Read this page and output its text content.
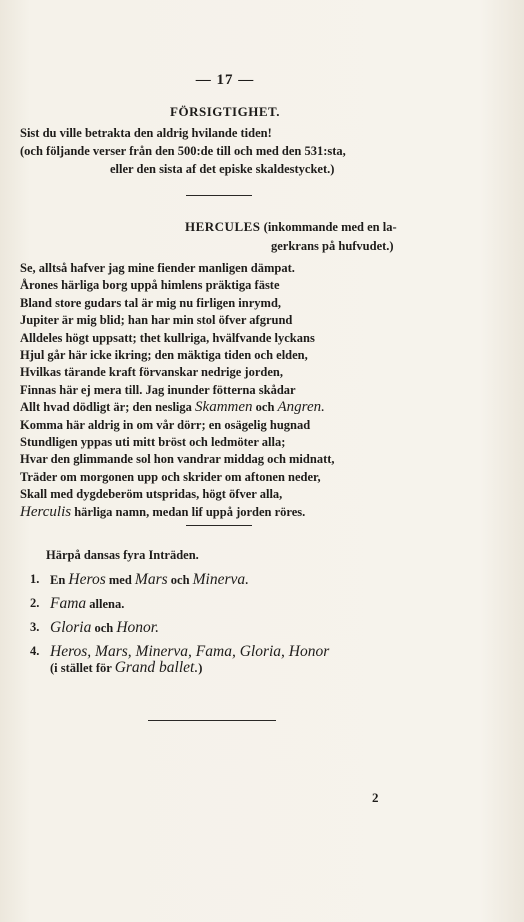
— 17 —
FÖRSIGTIGHET.
Sist du ville betrakta den aldrig hvilande tiden!
(och följande verser från den 500:de till och med den 531:sta,
eller den sista af det episke skaldestycket.)
HERCULES (inkommande med en la-
gerkrans på hufvudet.)
Se, alltså hafver jag mine fiender manligen dämpat.
Årones härliga borg uppå himlens präktiga fäste
Bland store gudars tal är mig nu firligen inrymd,
Jupiter är mig blid; han har min stol öfver afgrund
Alldeles högt uppsatt; thet kullriga, hvälfvande lyckans
Hjul går här icke ikring; den mäktiga tiden och elden,
Hvilkas tärande kraft förvanskar nedrige jorden,
Finnas här ej mera till. Jag inunder fötterna skådar
Allt hvad dödligt är; den nesliga Skammen och Angren.
Komma här aldrig in om vår dörr; en osägelig hugnad
Stundligen yppas uti mitt bröst och ledmöter alla;
Hvar den glimmande sol hon vandrar middag och midnatt,
Träder om morgonen upp och skrider om aftonen neder,
Skall med dygdeberöm utspridas, högt öfver alla,
Herculis härliga namn, medan lif uppå jorden röres.
Härpå dansas fyra Inträden.
1. En Heros med Mars och Minerva.
2. Fama allena.
3. Gloria och Honor.
4. Heros, Mars, Minerva, Fama, Gloria, Honor
(i stället för Grand ballet.)
2
